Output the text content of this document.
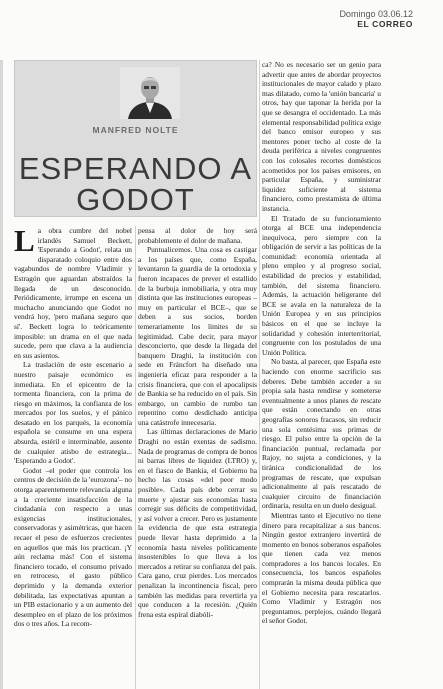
Domingo 03.06.12
EL CORREO
MANFRED NOLTE
ESPERANDO A GODOT

La obra cumbre del nobel irlandés Samuel Beckett, 'Esperando a Godot', relata un disparatado coloquio entre dos vagabundos de nombre Vladimir y Estragón que aguardan abstraídos la llegada de un desconocido. Periódicamente, irrumpe en escena un muchacho anunciando que Godot no vendrá hoy, 'pero mañana seguro que sí'. Beckett logra lo teóricamente imposible: un drama en el que nada sucede, pero que clava a la audiencia en sus asientos.

La traslación de este escenario a nuestro paisaje económico es inmediata. En el epicentro de la tormenta financiera, con la prima de riesgo en máximos, la confianza de los mercados por los suelos, y el pánico desatado en los parqués, la economía española se consume en una espera absurda, estéril e interminable, ausente de cualquier atisbo de estrategia... 'Esperando a Godot'.

Godot –el poder que controla los centros de decisión de la 'eurozona'– no otorga aparentemente relevancia alguna a la creciente insatisfacción de la ciudadanía con respecto a unas exigencias institucionales, conservadoras y asimétricas, que hacen recaer el peso de esfuerzos crecientes en aquellos que más los practican. ¡Y aún reclama más! Con el sistema financiero tocado, el consumo privado en retroceso, el gasto público deprimido y la demanda exterior debilitada, las expectativas apuntan a un PIB estacionario y a un aumento del desempleo en el plazo de los próximos dos o tres años. La recom-

pensa al dolor de hoy será probablemente el dolor de mañana.

Puntualicemos. Una cosa es castigar a los países que, como España, levantaron la guardia de la ortodoxia y fueron incapaces de prever el estallido de la burbuja inmobiliaria, y otra muy distinta que las instituciones europeas –muy en particular el BCE–, que se deben a sus socios, borden temerariamente los límites de su legitimidad. Cabe decir, para mayor desconcierto, que desde la llegada del banquero Draghi, la institución con sede en Fráncfort ha diseñado una ingeniería eficaz para responder a la crisis financiera, que con el apocalipsis de Bankia se ha reducido en el país. Sin embargo, un cambio de rumbo tan repentino como desdichado anticipa una catástrofe innecesaria.

Las últimas declaraciones de Mario Draghi no están exentas de sadismo. Nada de programas de compra de bonos ni barras libres de liquidez (LTRO) y, en el fiasco de Bankia, el Gobierno ha hecho las cosas «del peor modo posible». Cada país debe cerrar su muerte y ajustar sus economías hasta corregir sus déficits de competitividad, y así volver a crecer. Pero es justamente la evidencia de que esta estrategia puede llevar hasta deprimido a la economía hasta niveles políticamente insostenibles lo que lleva a los mercados a retirar su confianza del país. Cara gano, cruz pierdes. Los mercados penalizan la incontinencia fiscal, pero también las medidas para revertirla ya que conducen a la recesión. ¿Quién frena esta espiral diabóli-

ca? No es necesario ser un genio para advertir que antes de abordar proyectos institucionales de mayor calado y plazo mas dilatado, como la 'unión bancaria' u otros, hay que taponar la herida por la que se desangra el occidentado. La más elemental responsabilidad política exige del banco emisor europeo y sus mentores poner techo al coste de la deuda periférica a niveles congruentes con los colosales recortes domésticos acometidos por los países emisores, en particular España, y suministrar liquidez suficiente al sistema financiero, como prestamista de última instancia.

El Tratado de su funcionamiento otorga al BCE una independencia inequívoca, pero siempre con la obligación de servir a las políticas de la comunidad: economía orientada al pleno empleo y al progreso social, estabilidad de precios y estabilidad, también, del sistema financiero. Además, la actuación heligerante del BCE se avala en la naturaleza de la Unión Europea y en sus principios básicos en el que se incluye la solidaridad y cohesión interterritorial, congruente con los postulados de una Unión Política.

No basta, al parecer, que España este haciendo con enorme sacrificio sus deberes. Debe también acceder a su propia sala hasta rendirse y someterse eventualmente a unos planes de rescate que están conectando en otras geografías sonoros fracasos, sin reducir una sola centésima sus primas de riesgo. El pulso entre la opción de la financiación puntual, reclamada por Rajoy, no sujeta a condiciones, y la tiránica condicionalidad de los programas de rescate, que expulsan adicionalmente al país rescatado de cualquier circuito de financiación ordinaria, resulta en un duelo desigual.

Mientras tanto el Ejecutivo no tiene dinero para recapitalizar a sus bancos. Ningún gestor extranjero invertirá de momento en bonos soberanos españoles que tienen cada vez menos compradores a los bancos locales. En consecuencia, los bancos españoles comprarán la misma deuda pública que el Gobierno necesita para rescatarlos. Como Vladimir y Estragón nos preguntamos, perplejos, cuándo llegará el señor Godot.
